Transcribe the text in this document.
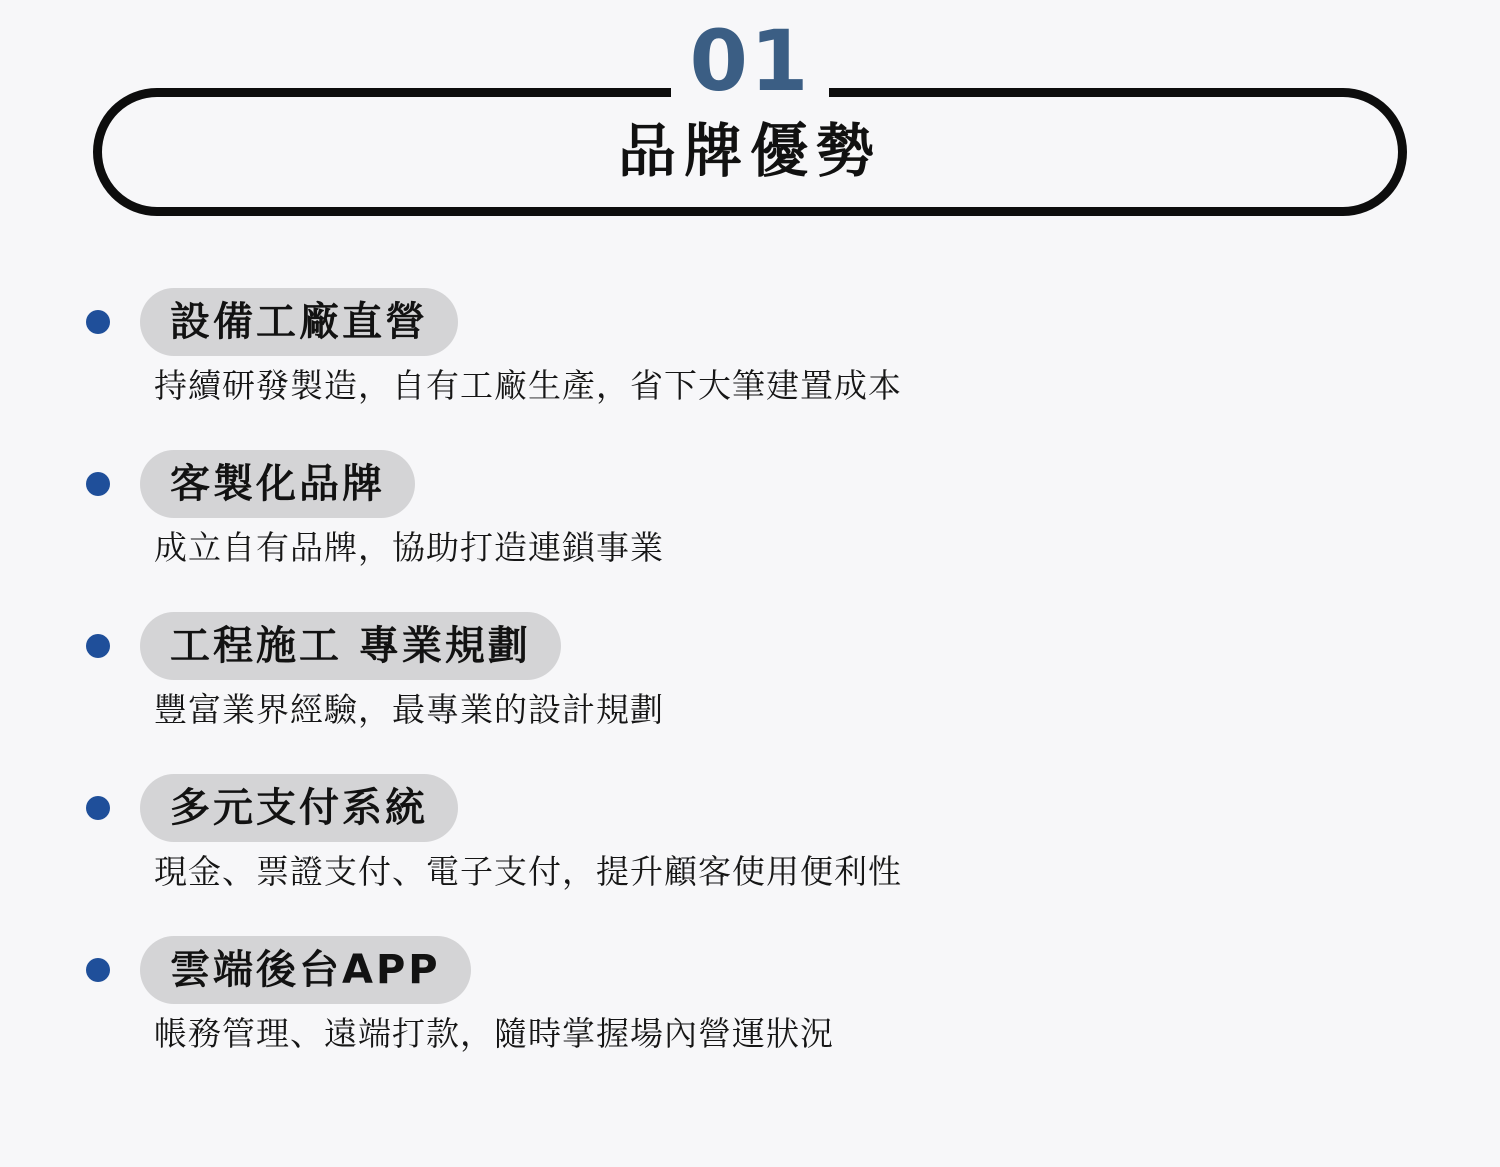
01
品牌優勢
設備工廠直營
持續研發製造，自有工廠生產，省下大筆建置成本
客製化品牌
成立自有品牌，協助打造連鎖事業
工程施工 專業規劃
豐富業界經驗，最專業的設計規劃
多元支付系統
現金、票證支付、電子支付，提升顧客使用便利性
雲端後台APP
帳務管理、遠端打款，隨時掌握場內營運狀況
